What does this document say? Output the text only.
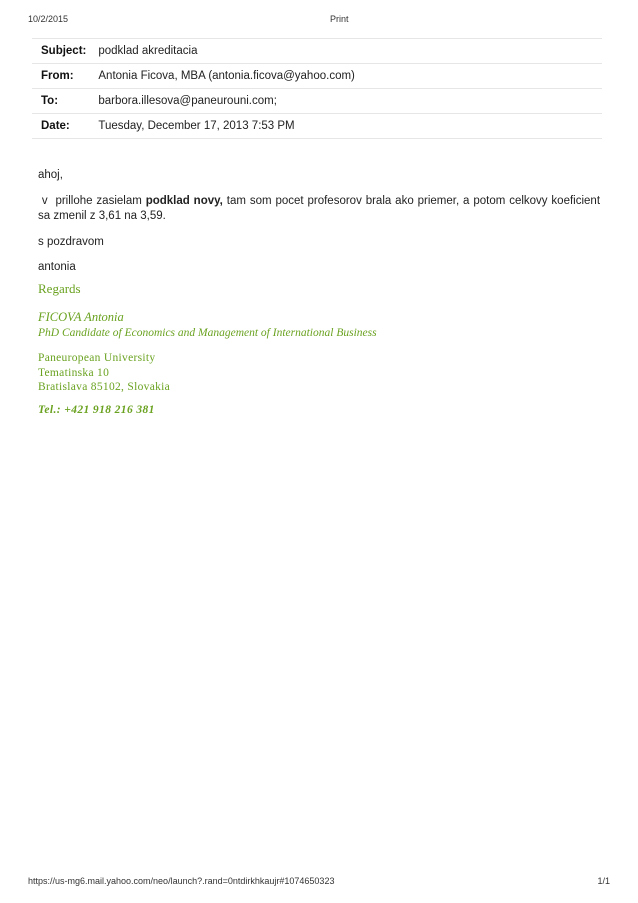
10/2/2015	Print
Subject:	podklad akreditacia
From:	Antonia Ficova, MBA (antonia.ficova@yahoo.com)
To:	barbora.illesova@paneurouni.com;
Date:	Tuesday, December 17, 2013 7:53 PM

ahoj,

v  prillohe zasielam podklad novy, tam som pocet profesorov brala ako priemer, a potom celkovy koeficient sa zmenil z 3,61 na 3,59.

s pozdravom

antonia

Regards

FICOVA Antonia

PhD Candidate of Economics and Management of International Business

Paneuropean University
Tematinska 10
Bratislava 85102, Slovakia

Tel.: +421 918 216 381

https://us-mg6.mail.yahoo.com/neo/launch?.rand=0ntdirkhkaujr#1074650323	1/1
